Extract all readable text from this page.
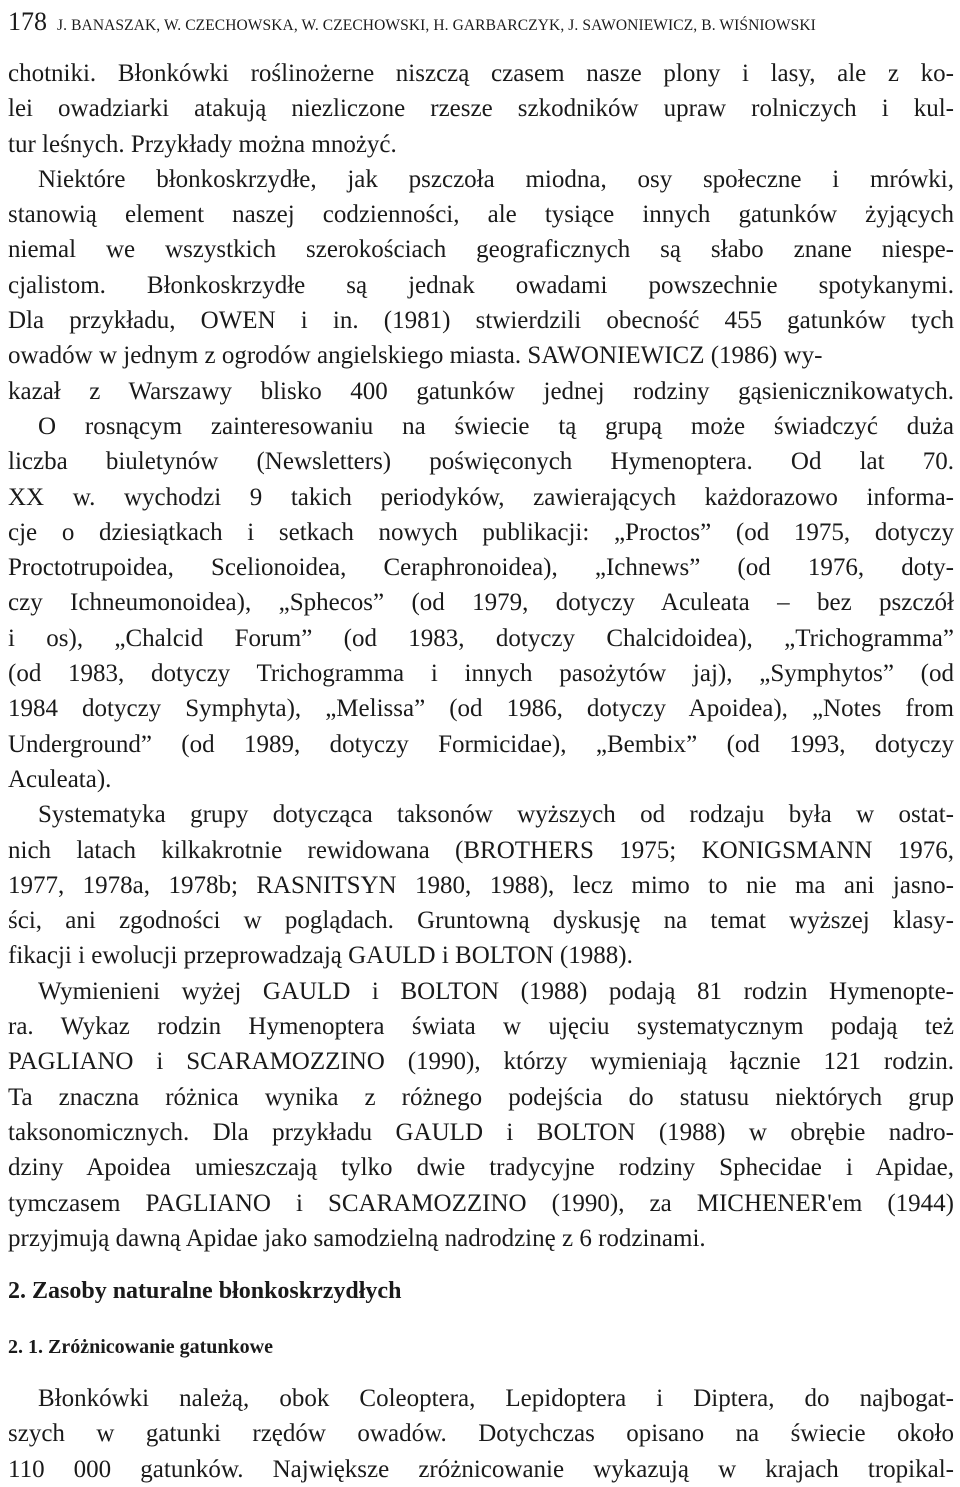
178 J. BANASZAK, W. CZECHOWSKA, W. CZECHOWSKI, H. GARBARCZYK, J. SAWONIEWICZ, B. WIŚNIOWSKI
chotniki. Błonkówki roślinożerne niszczą czasem nasze plony i lasy, ale z ko-
lei owadziarki atakują niezliczone rzesze szkodników upraw rolniczych i kul-
tur leśnych. Przykłady można mnożyć.
Niektóre błonkoskrzydłe, jak pszczoła miodna, osy społeczne i mrówki,
stanowią element naszej codzienności, ale tysiące innych gatunków żyjących
niemal we wszystkich szerokościach geograficznych są słabo znane niespe-
cjalistom. Błonkoskrzydłe są jednak owadami powszechnie spotykanymi.
Dla przykładu, OWEN i in. (1981) stwierdzili obecność 455 gatunków tych
owadów w jednym z ogrodów angielskiego miasta. SAWONIEWICZ (1986) wy-
kazał z Warszawy blisko 400 gatunków jednej rodziny gąsienicznikowatych.
O rosnącym zainteresowaniu na świecie tą grupą może świadczyć duża
liczba biuletynów (Newsletters) poświęconych Hymenoptera. Od lat 70.
XX w. wychodzi 9 takich periodyków, zawierających każdorazowo informa-
cje o dziesiątkach i setkach nowych publikacji: „Proctos” (od 1975, dotyczy
Proctotrupoidea, Scelionoidea, Ceraphronoidea), „Ichnews” (od 1976, doty-
czy Ichneumonoidea), „Sphecos” (od 1979, dotyczy Aculeata – bez pszczół
i os), „Chalcid Forum” (od 1983, dotyczy Chalcidoidea), „Trichogramma”
(od 1983, dotyczy Trichogramma i innych pasożytów jaj), „Symphytos” (od
1984 dotyczy Symphyta), „Melissa” (od 1986, dotyczy Apoidea), „Notes from
Underground” (od 1989, dotyczy Formicidae), „Bembix” (od 1993, dotyczy
Aculeata).
Systematyka grupy dotycząca taksonów wyższych od rodzaju była w ostat-
nich latach kilkakrotnie rewidowana (BROTHERS 1975; KONIGSMANN 1976,
1977, 1978a, 1978b; RASNITSYN 1980, 1988), lecz mimo to nie ma ani jasno-
ści, ani zgodności w poglądach. Gruntowną dyskusję na temat wyższej klasy-
fikacji i ewolucji przeprowadzają GAULD i BOLTON (1988).
Wymienieni wyżej GAULD i BOLTON (1988) podają 81 rodzin Hymenopte-
ra. Wykaz rodzin Hymenoptera świata w ujęciu systematycznym podają też
PAGLIANO i SCARAMOZZINO (1990), którzy wymieniają łącznie 121 rodzin.
Ta znaczna różnica wynika z różnego podejścia do statusu niektórych grup
taksonomicznych. Dla przykładu GAULD i BOLTON (1988) w obrębie nadro-
dziny Apoidea umieszczają tylko dwie tradycyjne rodziny Sphecidae i Apidae,
tymczasem PAGLIANO i SCARAMOZZINO (1990), za MICHENER'em (1944)
przyjmują dawną Apidae jako samodzielną nadrodzinę z 6 rodzinami.
2. Zasoby naturalne błonkoskrzydłych
2. 1. Zróżnicowanie gatunkowe
Błonkówki należą, obok Coleoptera, Lepidoptera i Diptera, do najbogat-
szych w gatunki rzędów owadów. Dotychczas opisano na świecie około
110 000 gatunków. Największe zróżnicowanie wykazują w krajach tropikal-
